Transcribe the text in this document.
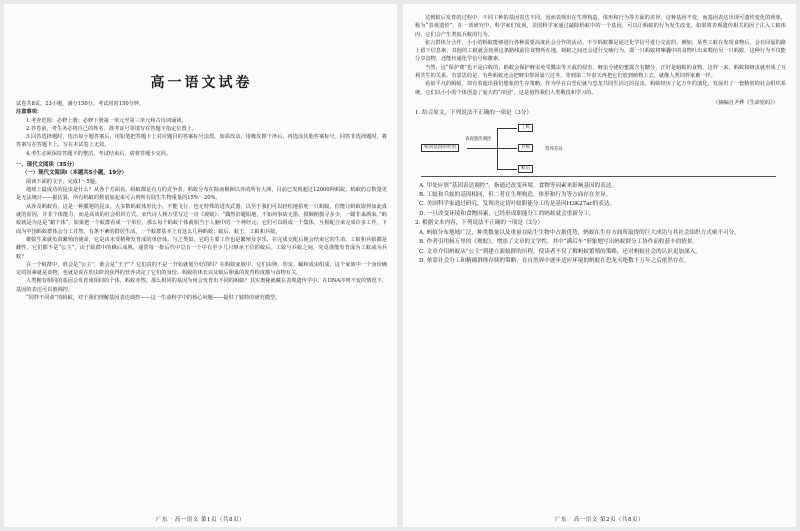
高一语文试卷

试卷共8页，23小题，满分150分。考试用时150分钟。

注意事项：

1.考查范围：必修上册；必修下册第一单元至第三单元和古诗词诵读。

2.答卷前，考生务必将自己的姓名、准考证号等填写在答题卡指定位置上。

3.回答选择题时，选出每小题答案后，用铅笔把答题卡上对应题目的答案标号涂黑。如需改动，用橡皮擦干净后，再选涂其他答案标号。回答非选择题时，将答案写在答题卡上。写在本试卷上无效。

4.考生必须保持答题卡的整洁。考试结束后，请将答题卡交回。

一、现代文阅读（35分）

（一）现代文阅读Ⅰ（本题共5小题，19分）

阅读下面的文字，完成1～5题。

地球上最成功的昆虫是什么？从各个方面看，蚂蚁都是有力的竞争者。蚂蚁分布在除南极洲以外的所有大洲，目前已发现超过12000种蚂蚁。蚂蚁的总数量更是无法统计——据估算，所有蚂蚁的数量加起来可占到所有陆生生物重量的15%～20%。

从涉及蚂蚁看，这是一种膜翅的昆虫。大多数蚂蚁体形比小，不能飞行，也无特殊的进攻武器，以至于我们可以轻松地拍死一只蚂蚁。但能让蚂蚁取得如此成就的原因，并非个体能力，而是高效的社会组织方式。宋代诗人杨万里写过一首《观蚁》：“偶然旧避阳地，不知何事故无措，摸额俯摸寻多少，一蜡非来酒来。”蚂蚁就是为这是“蜡个体”，如果把一个蚁群看成一个单位，那么每个蚂蚁个体就相当于人脑中的一个神经元；它们可以组成一个集体，互相配合来完成许多工作。下面为中国蚂蚁群体会分工并然，有条不紊的群居生活。一个蚁群基本上有这么几种蚂蚁：蚁后、蚁王、工蚁和兵蚁。

雄蚁生来就负责繁殖的使命，它是由未受精卵发育成的单倍体。与之类似，它的主要工作也是繁殖及享乐，在完成交配后便会结束它的生命。工蚁和兵蚁都是雌性，它们都不是“公主”，由于蚁群中的蜂后成熟，通常每一批后代中总有一个中有至少几只继承王位的蚁后。工蚁与兵蚁之间，究竟谁能发育成为工蚁或为兵蚁？

在一个蚁群中，谁会是“公主”，谁会是“王子”？它们真的不是一开始就划分好的吗？在蚂蚁家族中，它们由卵、幼虫、蛹和成虫组成，这个家族中一个身份确定的因素就是食物，也就是说在幼虫阶段获得的营养决定了它们的身份。蚂蚁的体长以及蚁后卵巢的发育程度都与食物有关。

人类拥有相同的基因会发育成相同的个体，蚂蚁亦然。那么相同的基因为何会发育出不同的蚂蚁？其实奥秘就藏在表观遗传学中。在DNA序列不变的情况下，基因的表达可以被调控。

“同样不同命”的蚂蚁，对于我们理解基因表达调控——这一生命科学中的核心问题——提供了独特的研究模型。

广东 · 高一语文 第1页（共8页）

达到蚁后发育的过程中，不同工种的基因表达不同，因而表现出在生理构造、体形和行为等方面的差异。这种基因不变，而基因表达出现可遗传变化的现象，称为“表观遗传”。在一项研究中，科学家们发现，美国科学家通过敲除蚂蚁中的一个基因，可以让蚂蚁的行为发生改变。如果将表观遗传相关的因子注入工蚁体内，它们会产生类似兵蚁的行为。

张言群体分合作，小小的蚂蚁能够进行各种需要高度社会合作的活动。不少蚂蚁都是通过化学信号进行交流的。例如，某些工蚁在发现食物后，会在回巢的路上留下信息素，其他的工蚁就会按照这条路线前往食物所在地。蚂蚁之间还会进行交哺行为，即一只蚂蚁将嗉囊中的食物吐出来喂给另一只蚂蚁，这种行为不仅能分享食物，还能传递化学信号和激素。

当然，这“保护费”也不是白收的，蚂蚁会保护蚜虫免受瓢虫等天敌的侵害。蚜虫分泌的蜜露含有糖分，正好是蚂蚁的食物。这样一来，蚂蚁和蚜虫就形成了互利共生的关系。有意思的是，有些蚂蚁还会把蚜虫带回巢穴过冬，等到第二年春天再把它们放到植物上去，就像人类饲养家畜一样。

看似平凡的蚂蚁，却有着超出我们想象的生存策略。作为早在白垩纪就与恐龙共同生活过的昆虫，蚂蚁经历了亿万年的演化，发展出了一套精密的社会组织系统。它们以小小的个体创造了庞大的“帝国”，这是值得我们人类敬畏和学习的。

（摘编自尹烨《生命密码》）

1. 结合原文，下列说法不正确的一项是（3分）

相同基因的幼虫
表观遗传调控
工蚁
兵蚁
蚁后
营养差异

A. 甲处应填“基因表达调控”，指通过改变环境、食物等因素来影响基因的表达。

B. 工蚁和兵蚁的基因相同，但二者在生理构造、体形和行为等方面存在差异。

C. 美国科学家通过研究，发现决定切叶蚁职能分工的是基因H3K27ac的表达。

D. 一旦改变环境和食物因素，已经形成职能分工的蚂蚁就会重新分工。

2. 根据文本内容，下列说法不正确的一项是（3分）

A. 蚂蚁分布地域广泛，种类数量以及重量在陆生生物中占据优势，蚂蚁在生存方面所取得的巨大成功与其社会组织方式密不可分。

B. 作者引用杨万里的《观蚁》，增添了文章的文学性，其中“满后车”形象地写出蚂蚁群分工协作而收获丰的情景。

C. 文章介绍蚂蚁从“公主”到建立新蚁群的历程，使读者不仅了解蚂蚁繁殖的策略，还对蚂蚁社会的认识更加深入。

D. 依靠社会分工和精确群体存续的策略，在自然界中逐步适应环境的蚂蚁在恐龙灭绝数千万年之后依然存在。

广东 · 高一语文 第2页（共8页）
